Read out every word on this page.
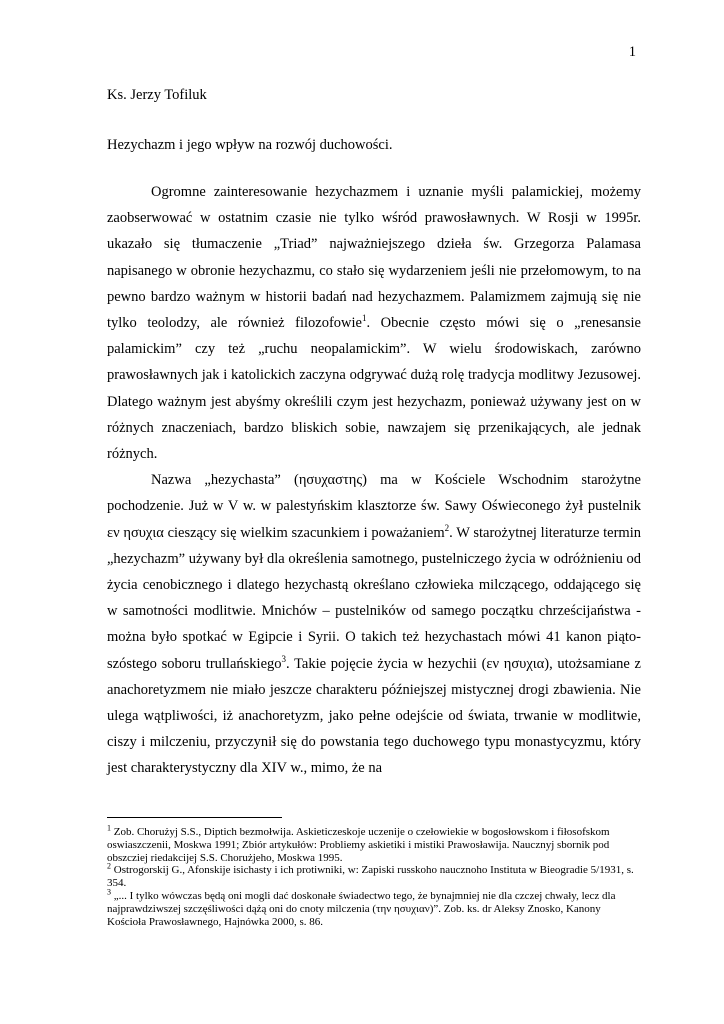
1
Ks. Jerzy Tofiluk
Hezychazm i jego wpływ na rozwój duchowości.

Ogromne zainteresowanie hezychazmem i uznanie myśli palamickiej, możemy zaobserwować w ostatnim czasie nie tylko wśród prawosławnych. W Rosji w 1995r. ukazało się tłumaczenie „Triad” najważniejszego dzieła św. Grzegorza Palamasa napisanego w obronie hezychazmu, co stało się wydarzeniem jeśli nie przełomowym, to na pewno bardzo ważnym w historii badań nad hezychazmem. Palamizmem zajmują się nie tylko teolodzy, ale również filozofowie$^1$. Obecnie często mówi się o „renesansie palamickim” czy też „ruchu neopalamickim”. W wielu środowiskach, zarówno prawosławnych jak i katolickich zaczyna odgrywać dużą rolę tradycja modlitwy Jezusowej. Dlatego ważnym jest abyśmy określili czym jest hezychazm, ponieważ używany jest on w różnych znaczeniach, bardzo bliskich sobie, nawzajem się przenikających, ale jednak różnych.

Nazwa „hezychasta” (ησυχαστης) ma w Kościele Wschodnim starożytne pochodzenie. Już w V w. w palestyńskim klasztorze św. Sawy Oświeconego żył pustelnik εν ησυχια cieszący się wielkim szacunkiem i poważaniem$^2$. W starożytnej literaturze termin „hezychazm” używany był dla określenia samotnego, pustelniczego życia w odróżnieniu od życia cenobicznego i dlatego hezychastą określano człowieka milczącego, oddającego się w samotności modlitwie. Mnichów – pustelników od samego początku chrześcijaństwa - można było spotkać w Egipcie i Syrii. O takich też hezychastach mówi 41 kanon piąto-szóstego soboru trullańskiego$^3$. Takie pojęcie życia w hezychii (εν ησυχια), utożsamiane z anachoretyzmem nie miało jeszcze charakteru późniejszej mistycznej drogi zbawienia. Nie ulega wątpliwości, iż anachoretyzm, jako pełne odejście od świata, trwanie w modlitwie, ciszy i milczeniu, przyczynił się do powstania tego duchowego typu monastycyzmu, który jest charakterystyczny dla XIV w., mimo, że na

$^1$ Zob. Chorużyj S.S., Diptich bezmołwija. Askieticzeskoje uczenije o czełowiekie w bogosłowskom i fiłosofskom oswiaszczenii, Moskwa 1991; Zbiór artykułów: Probliemy askietiki i mistiki Prawosławija. Naucznyj sbornik pod obszcziej riedakcijej S.S. Chorużjeho, Moskwa 1995.

$^2$ Ostrogorskij G., Afonskije isichasty i ich protiwniki, w: Zapiski russkoho naucznoho Instituta w Bieogradie 5/1931, s. 354.

$^3$ „... I tylko wówczas będą oni mogli dać doskonałe świadectwo tego, że bynajmniej nie dla czczej chwały, lecz dla najprawdziwszej szczęśliwości dążą oni do cnoty milczenia (την ησυχιαν)”. Zob. ks. dr Aleksy Znosko, Kanony Kościoła Prawosławnego, Hajnówka 2000, s. 86.
